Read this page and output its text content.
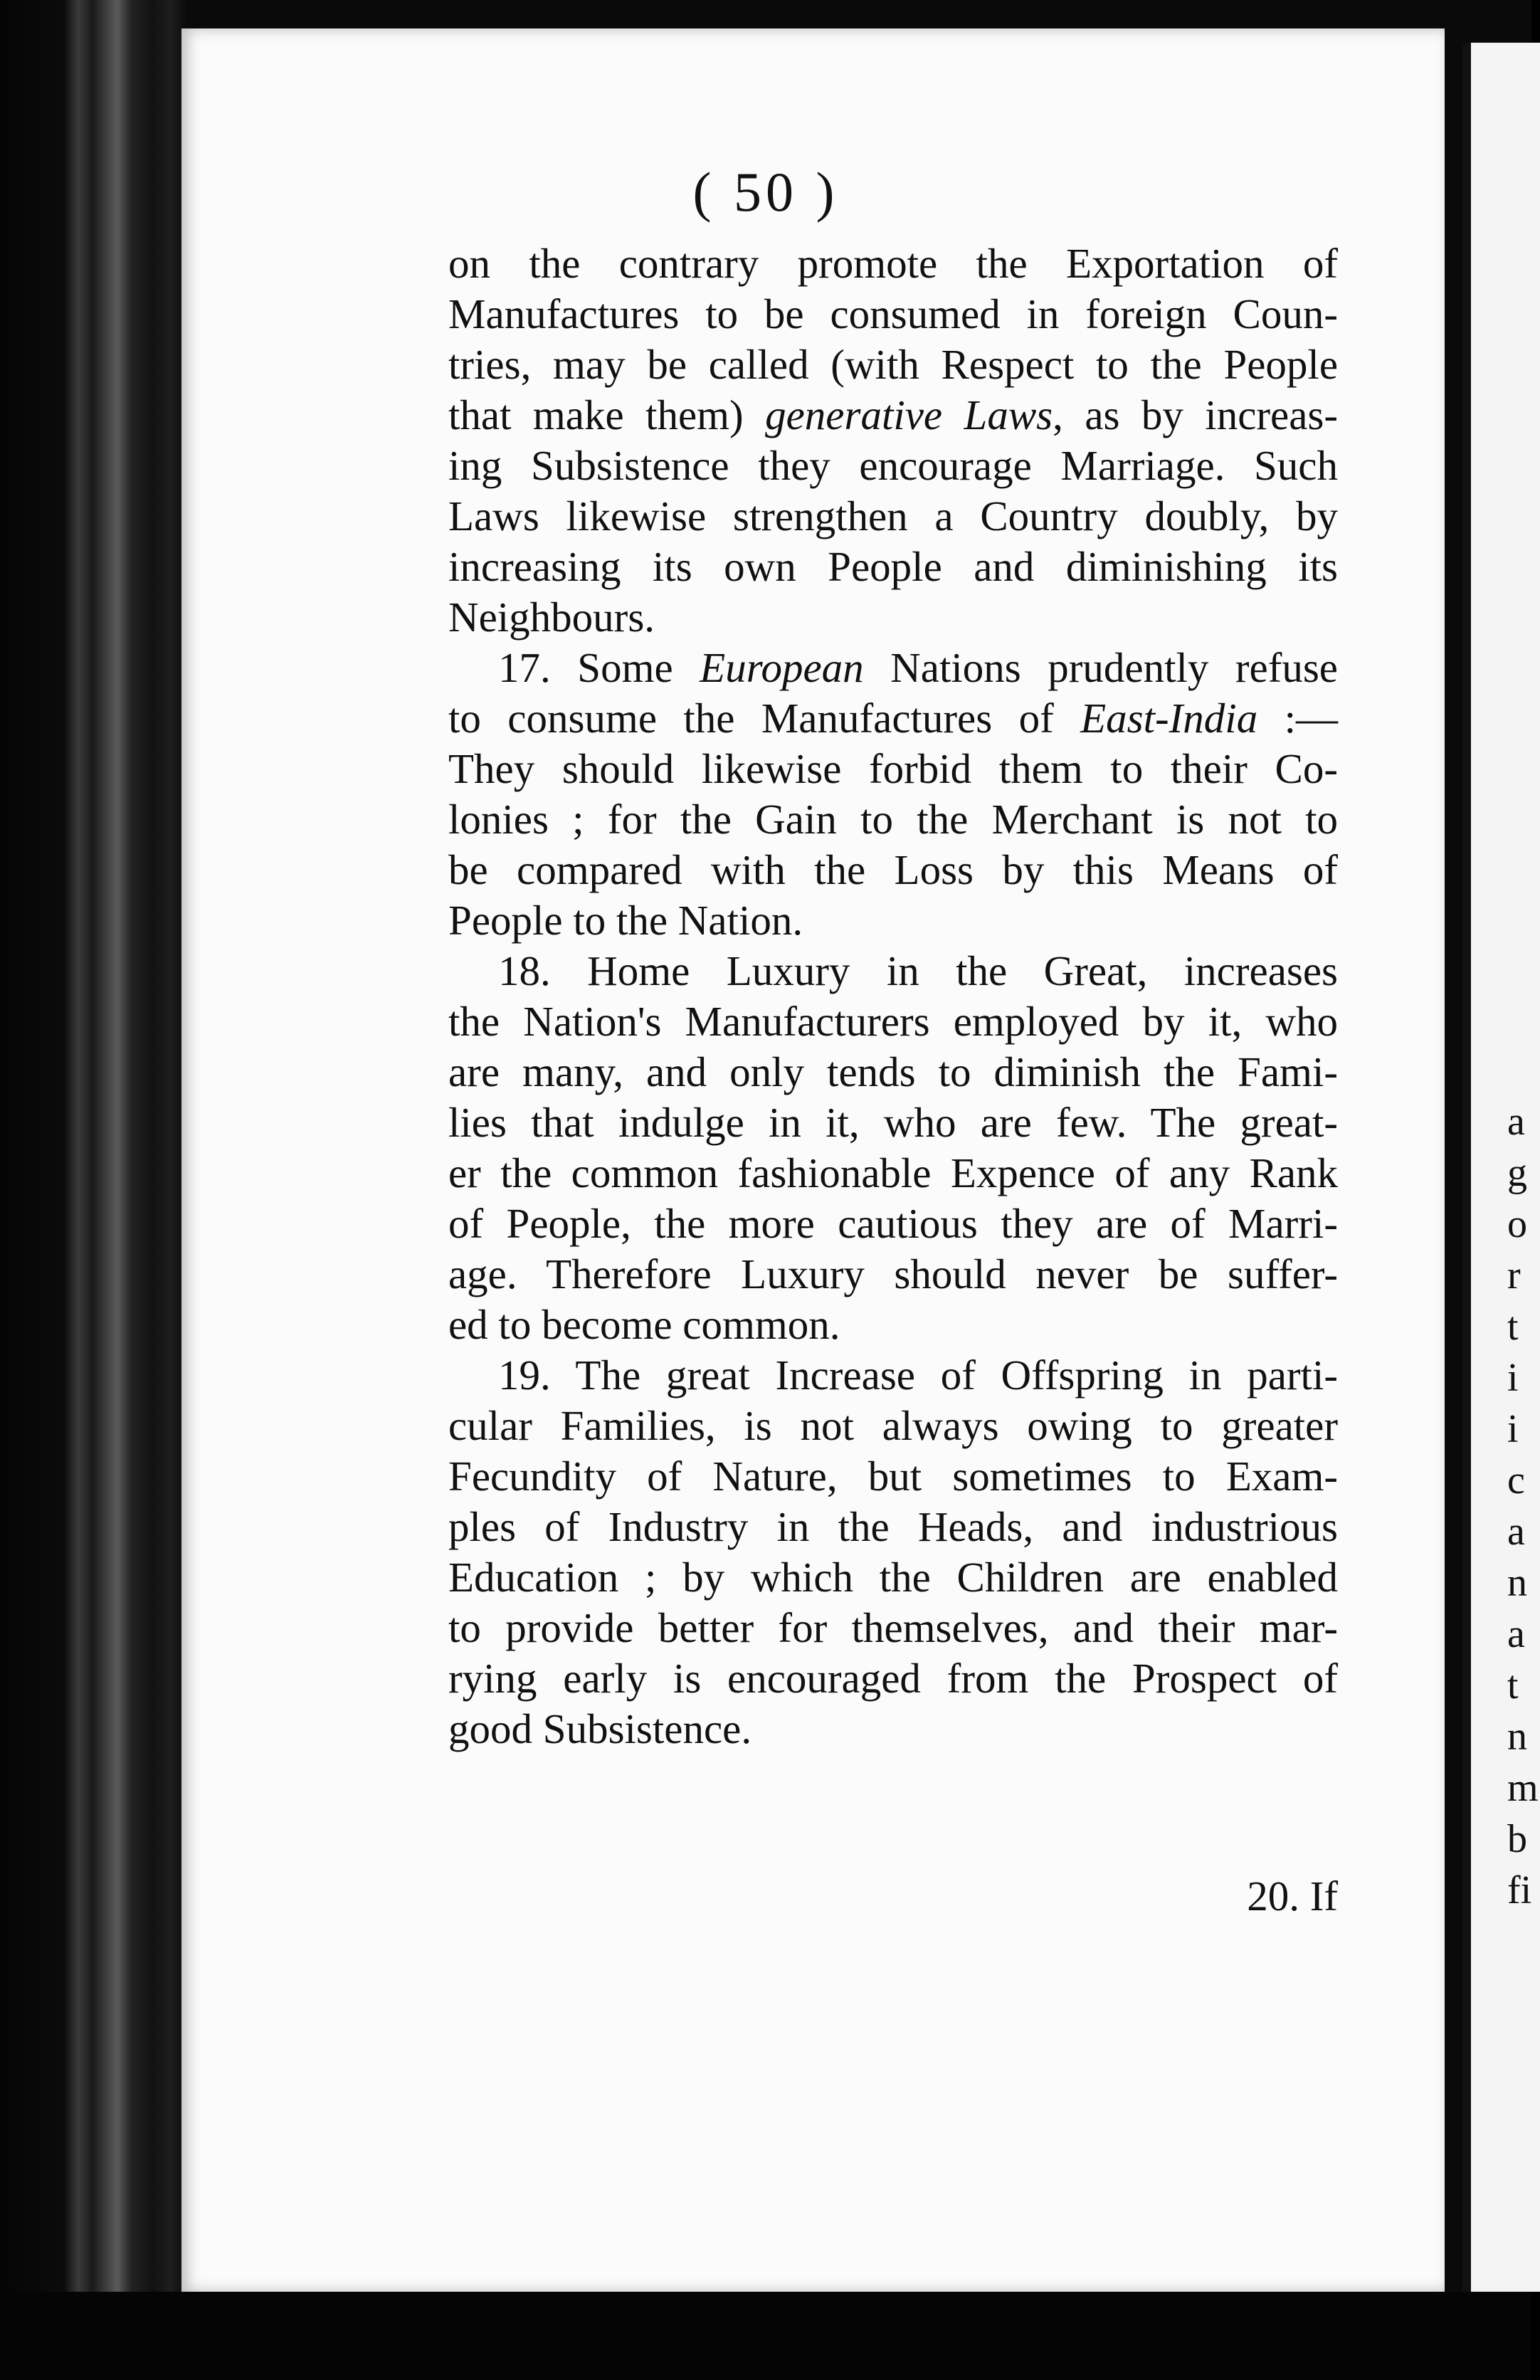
a
g
o
r
t
i
i
c
a
n
a
t
n
m
b
fi
( 50 )
on the contrary promote the Exportation of
Manufactures to be consumed in foreign Coun-
tries, may be called (with Respect to the People
that make them) generative Laws, as by increas-
ing Subsistence they encourage Marriage. Such
Laws likewise strengthen a Country doubly, by
increasing its own People and diminishing its
Neighbours.
17. Some European Nations prudently refuse
to consume the Manufactures of East-India :—
They should likewise forbid them to their Co-
lonies ; for the Gain to the Merchant is not to
be compared with the Loss by this Means of
People to the Nation.
18. Home Luxury in the Great, increases
the Nation's Manufacturers employed by it, who
are many, and only tends to diminish the Fami-
lies that indulge in it, who are few. The great-
er the common fashionable Expence of any Rank
of People, the more cautious they are of Marri-
age. Therefore Luxury should never be suffer-
ed to become common.
19. The great Increase of Offspring in parti-
cular Families, is not always owing to greater
Fecundity of Nature, but sometimes to Exam-
ples of Industry in the Heads, and industrious
Education ; by which the Children are enabled
to provide better for themselves, and their mar-
rying early is encouraged from the Prospect of
good Subsistence.
20. If
